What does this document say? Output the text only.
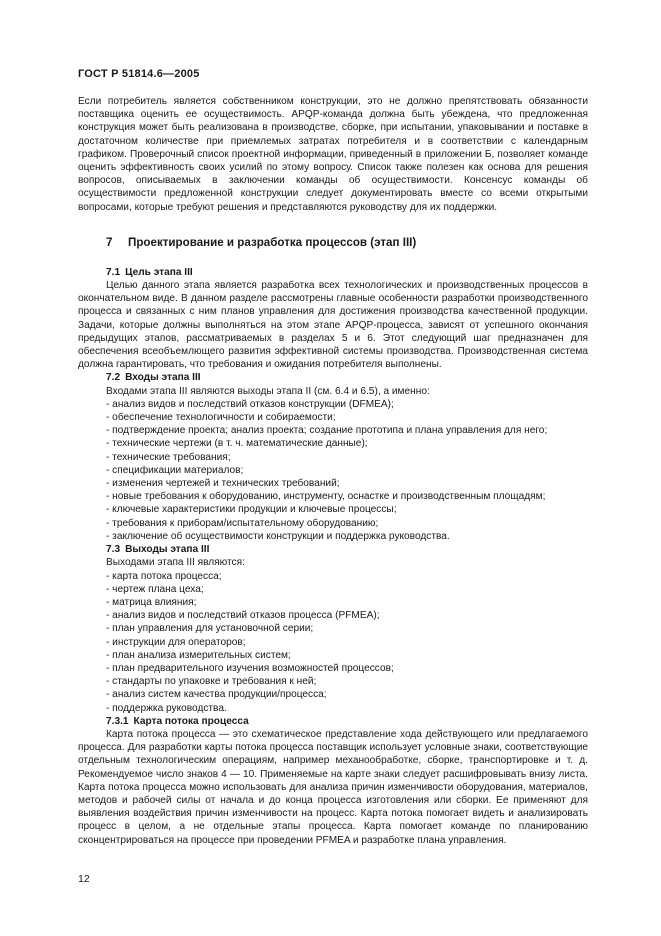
ГОСТ Р 51814.6—2005

Если потребитель является собственником конструкции, это не должно препятствовать обязанности поставщика оценить ее осуществимость. APQP-команда должна быть убеждена, что предложенная конструкция может быть реализована в производстве, сборке, при испытании, упаковывании и поставке в достаточном количестве при приемлемых затратах потребителя и в соответствии с календарным графиком. Проверочный список проектной информации, приведенный в приложении Б, позволяет команде оценить эффективность своих усилий по этому вопросу. Список также полезен как основа для решения вопросов, описываемых в заключении команды об осуществимости. Консенсус команды об осуществимости предложенной конструкции следует документировать вместе со всеми открытыми вопросами, которые требуют решения и представляются руководству для их поддержки.

7 Проектирование и разработка процессов (этап III)
7.1 Цель этапа III

Целью данного этапа является разработка всех технологических и производственных процессов в окончательном виде. В данном разделе рассмотрены главные особенности разработки производственного процесса и связанных с ним планов управления для достижения производства качественной продукции. Задачи, которые должны выполняться на этом этапе APQP-процесса, зависят от успешного окончания предыдущих этапов, рассматриваемых в разделах 5 и 6. Этот следующий шаг предназначен для обеспечения всеобъемлющего развития эффективной системы производства. Производственная система должна гарантировать, что требования и ожидания потребителя выполнены.

7.2 Входы этапа III

Входами этапа III являются выходы этапа II (см. 6.4 и 6.5), а именно:

- анализ видов и последствий отказов конструкции (DFMEA);
- обеспечение технологичности и собираемости;
- подтверждение проекта; анализ проекта; создание прототипа и плана управления для него;
- технические чертежи (в т. ч. математические данные);
- технические требования;
- спецификации материалов;
- изменения чертежей и технических требований;
- новые требования к оборудованию, инструменту, оснастке и производственным площадям;
- ключевые характеристики продукции и ключевые процессы;
- требования к приборам/испытательному оборудованию;
- заключение об осуществимости конструкции и поддержка руководства.
7.3 Выходы этапа III

Выходами этапа III являются:

- карта потока процесса;
- чертеж плана цеха;
- матрица влияния;
- анализ видов и последствий отказов процесса (PFMEA);
- план управления для установочной серии;
- инструкции для операторов;
- план анализа измерительных систем;
- план предварительного изучения возможностей процессов;
- стандарты по упаковке и требования к ней;
- анализ систем качества продукции/процесса;
- поддержка руководства.
7.3.1 Карта потока процесса

Карта потока процесса — это схематическое представление хода действующего или предлагаемого процесса. Для разработки карты потока процесса поставщик использует условные знаки, соответствующие отдельным технологическим операциям, например механообработке, сборке, транспортировке и т. д. Рекомендуемое число знаков 4 — 10. Применяемые на карте знаки следует расшифровывать внизу листа. Карта потока процесса можно использовать для анализа причин изменчивости оборудования, материалов, методов и рабочей силы от начала и до конца процесса изготовления или сборки. Ее применяют для выявления воздействия причин изменчивости на процесс. Карта потока помогает видеть и анализировать процесс в целом, а не отдельные этапы процесса. Карта помогает команде по планированию сконцентрироваться на процессе при проведении PFMEA и разработке плана управления.

12
